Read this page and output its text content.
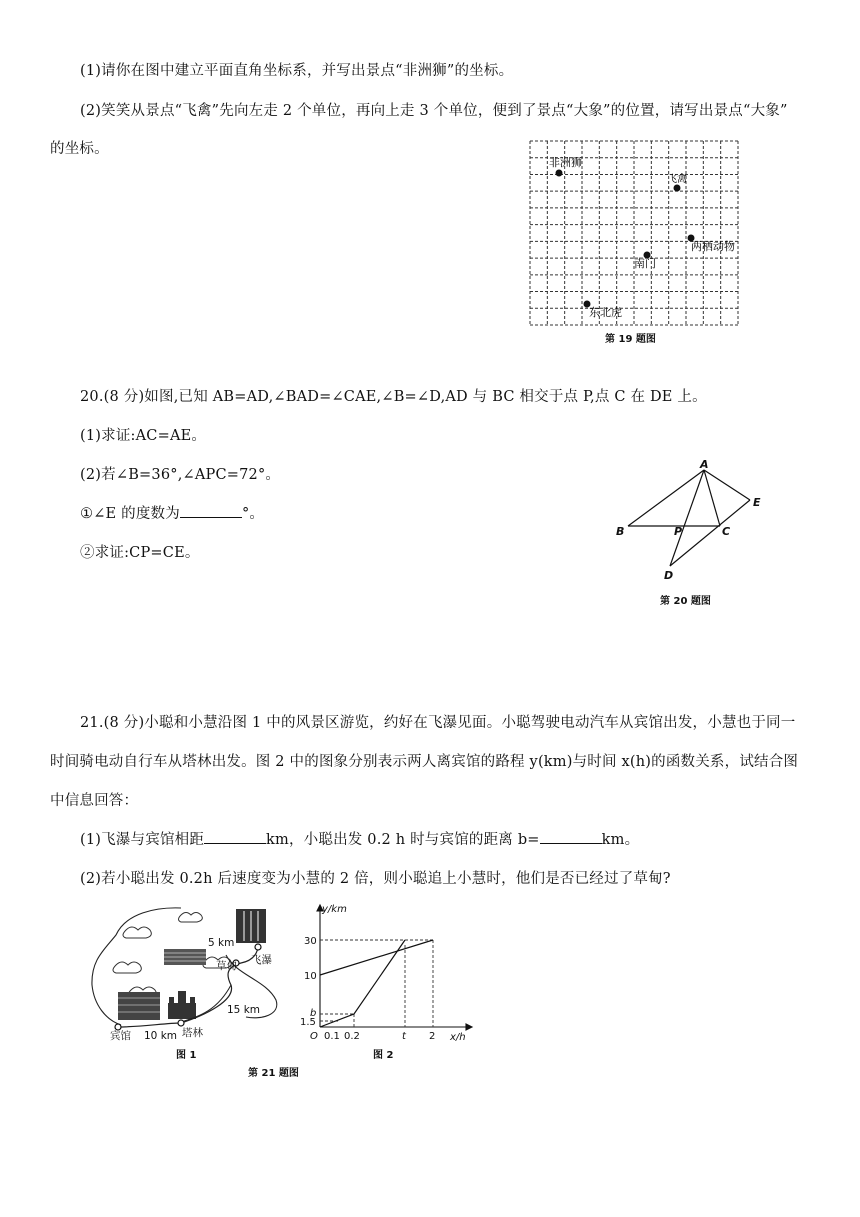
(1)请你在图中建立平面直角坐标系，并写出景点“非洲狮”的坐标。
(2)笑笑从景点“飞禽”先向左走 2 个单位，再向上走 3 个单位，便到了景点“大象”的位置，请写出景点“大象”
的坐标。
非洲狮
飞禽
两栖动物
南门
东北虎
第 19 题图
20.(8 分)如图,已知 AB=AD,∠BAD=∠CAE,∠B=∠D,AD 与 BC 相交于点 P,点 C 在 DE 上。
(1)求证:AC=AE。
(2)若∠B=36°,∠APC=72°。
①∠E 的度数为	°。
②求证:CP=CE。
A
B	C
D
E
P
第 20 题图
21.(8 分)小聪和小慧沿图 1 中的风景区游览，约好在飞瀑见面。小聪驾驶电动汽车从宾馆出发，小慧也于同一
时间骑电动自行车从塔林出发。图 2 中的图象分别表示两人离宾馆的路程 y(km)与时间 x(h)的函数关系，试结合图
中信息回答：
(1)飞瀑与宾馆相距	km，小聪出发 0.2 h 时与宾馆的距离 b=	km。
(2)若小聪出发 0.2h 后速度变为小慧的 2 倍，则小聪追上小慧时，他们是否已经过了草甸?
5 km
草甸 飞瀑
15 km
宾馆 10 km 塔林
图 1
y/km
x/h
30
10
b
1.5
O 0.1 0.2	t 2
图 2
第 21 题图
